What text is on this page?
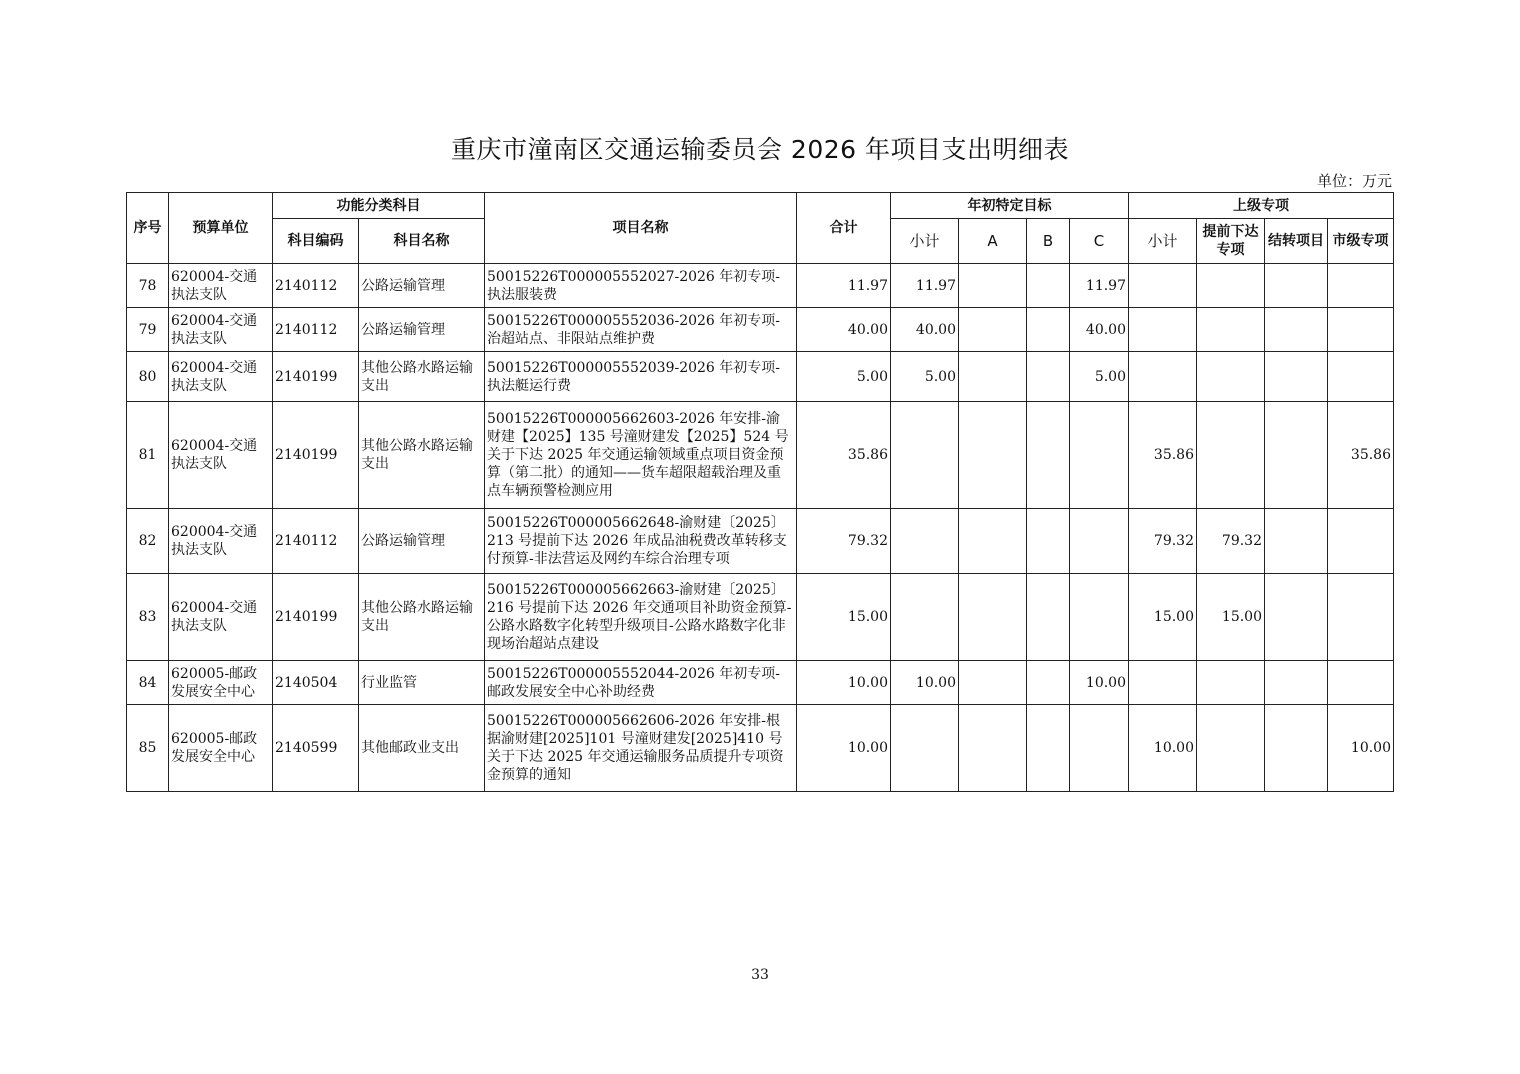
重庆市潼南区交通运输委员会 2026 年项目支出明细表
单位：万元
序号	预算单位	功能分类科目		项目名称	合计	年初特定目标				上级专项			
		科目编码	科目名称			小计	A	B	C	小计	提前下达专项	结转项目	市级专项
78	620004-交通执法支队	2140112	公路运输管理	50015226T000005552027-2026 年初专项-执法服装费	11.97	11.97			11.97				
79	620004-交通执法支队	2140112	公路运输管理	50015226T000005552036-2026 年初专项-治超站点、非限站点维护费	40.00	40.00			40.00				
80	620004-交通执法支队	2140199	其他公路水路运输支出	50015226T000005552039-2026 年初专项-执法艇运行费	5.00	5.00			5.00				
81	620004-交通执法支队	2140199	其他公路水路运输支出	50015226T000005662603-2026 年安排-渝财建【2025】135 号潼财建发【2025】524 号关于下达 2025 年交通运输领域重点项目资金预算（第二批）的通知——货车超限超载治理及重点车辆预警检测应用	35.86					35.86			35.86
82	620004-交通执法支队	2140112	公路运输管理	50015226T000005662648-渝财建〔2025〕213 号提前下达 2026 年成品油税费改革转移支付预算-非法营运及网约车综合治理专项	79.32					79.32	79.32		
83	620004-交通执法支队	2140199	其他公路水路运输支出	50015226T000005662663-渝财建〔2025〕216 号提前下达 2026 年交通项目补助资金预算-公路水路数字化转型升级项目-公路水路数字化非现场治超站点建设	15.00					15.00	15.00		
84	620005-邮政发展安全中心	2140504	行业监管	50015226T000005552044-2026 年初专项-邮政发展安全中心补助经费	10.00	10.00			10.00				
85	620005-邮政发展安全中心	2140599	其他邮政业支出	50015226T000005662606-2026 年安排-根据渝财建[2025]101 号潼财建发[2025]410 号关于下达 2025 年交通运输服务品质提升专项资金预算的通知	10.00					10.00			10.00
33
